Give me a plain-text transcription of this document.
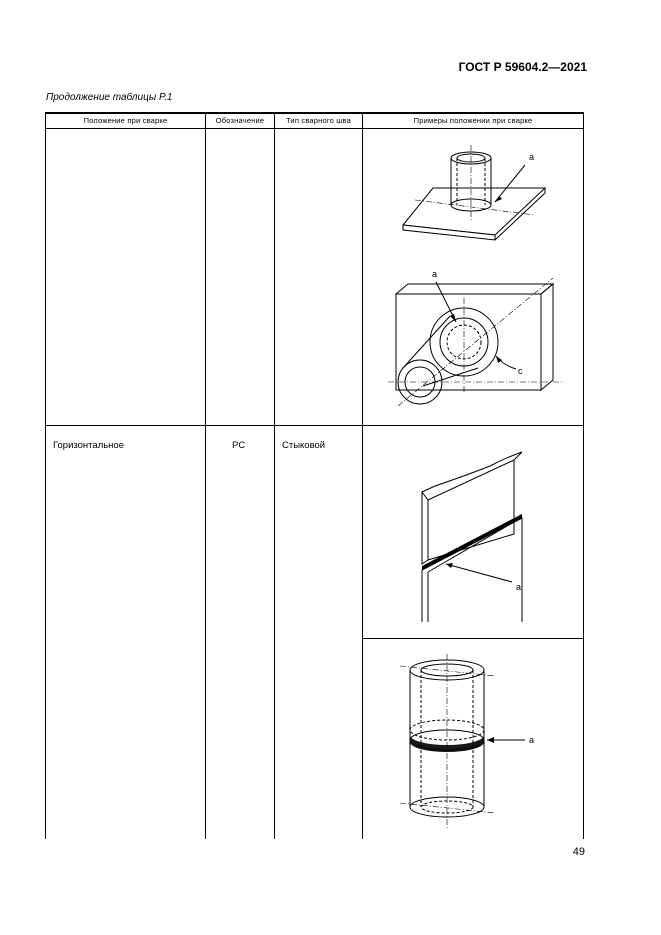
ГОСТ Р 59604.2—2021
Продолжение таблицы Р.1
Положение при сварке	Обозначение	Тип сварного шва	Примеры положении при сварке
Горизонтальное	PC	Стыковой
a
a
c
a
a
49
